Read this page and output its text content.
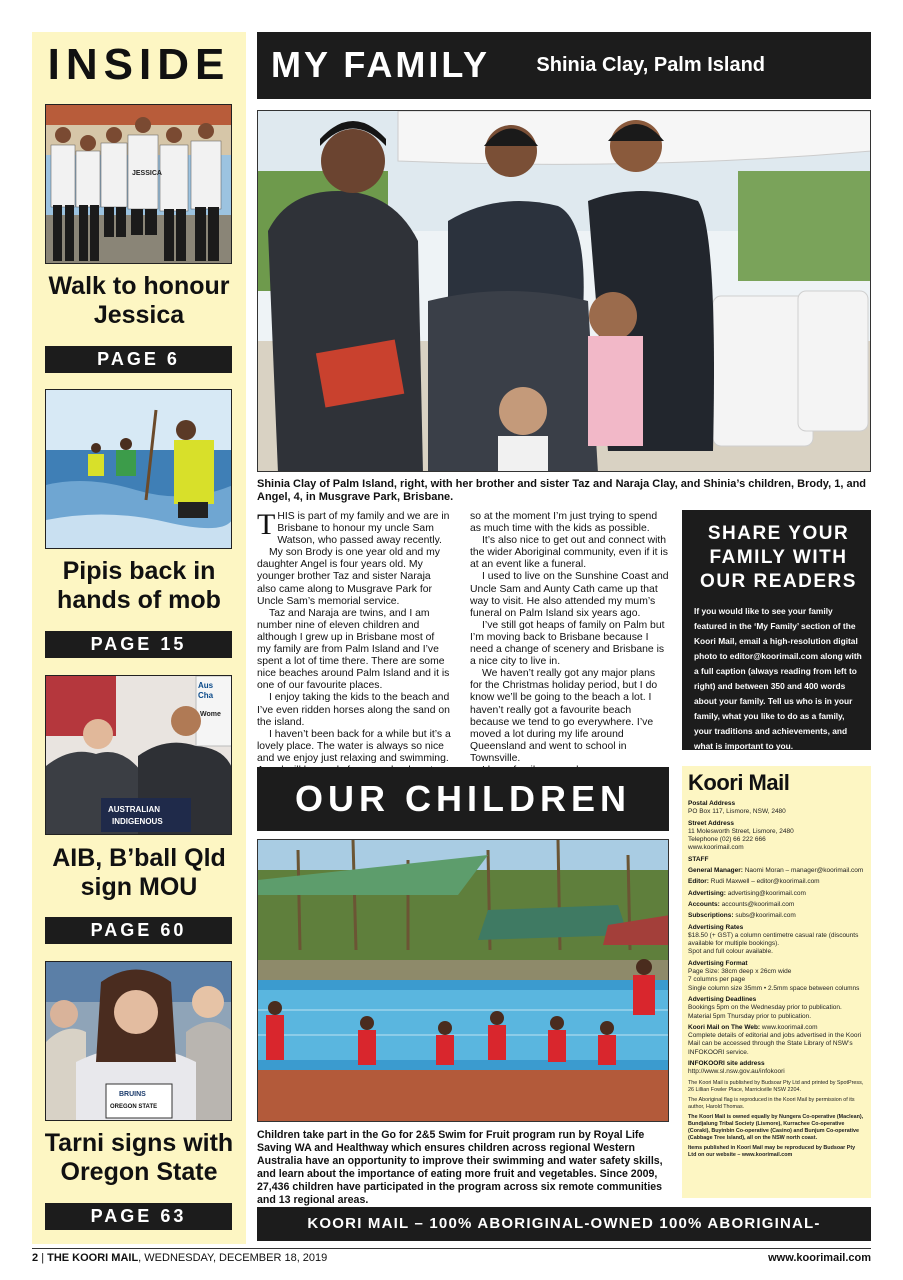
INSIDE
JESSICA
Walk to honour Jessica
PAGE 6
Pipis back in hands of mob
PAGE 15
Aus
Cha
Wome
AUSTRALIAN
INDIGENOUS
AIB, B’ball Qld sign MOU
PAGE 60
BRUINS
OREGON STATE
Tarni signs with Oregon State
PAGE 63
MY FAMILY Shinia Clay, Palm Island
Shinia Clay of Palm Island, right, with her brother and sister Taz and Naraja Clay, and Shinia’s children, Brody, 1, and Angel, 4, in Musgrave Park, Brisbane.

THIS is part of my family and we are in Brisbane to honour my uncle Sam Watson, who passed away recently.

My son Brody is one year old and my daughter Angel is four years old. My younger brother Taz and sister Naraja also came along to Musgrave Park for Uncle Sam’s memorial service.

Taz and Naraja are twins, and I am number nine of eleven children and although I grew up in Brisbane most of my family are from Palm Island and I’ve spent a lot of time there. There are some nice beaches around Palm Island and it is one of our favourite places.

I enjoy taking the kids to the beach and I’ve even ridden horses along the sand on the island.

I haven’t been back for a while but it’s a lovely place. The water is always so nice and we enjoy just relaxing and swimming.

so at the moment I’m just trying to spend as much time with the kids as possible.

It’s also nice to get out and connect with the wider Aboriginal community, even if it is at an event like a funeral.

I used to live on the Sunshine Coast and Uncle Sam and Aunty Cath came up that way to visit. He also attended my mum’s funeral on Palm Island six years ago.

I’ve still got heaps of family on Palm but I’m moving back to Brisbane because I need a change of scenery and Brisbane is a nice city to live in.

We haven’t really got any major plans for the Christmas holiday period, but I do know we’ll be going to the beach a lot. I haven’t really got a favourite beach because we tend to go everywhere. I’ve moved a lot during my life around Queensland and went to school in Townsville.

SHARE YOUR FAMILY WITH OUR READERS
If you would like to see your family featured in the ‘My Family’ section of the Koori Mail, email a high-resolution digital photo to editor@koorimail.com along with a full caption (always reading from left to right) and between 350 and 400 words about your family. Tell us who is in your family, what you like to do as a family, your traditions and achievements, and what is important to you.
OUR CHILDREN
Children take part in the Go for 2&5 Swim for Fruit program run by Royal Life Saving WA and Healthway which ensures children across regional Western Australia have an opportunity to improve their swimming and water safety skills, and learn about the importance of eating more fruit and vegetables. Since 2009, 27,436 children have participated in the program across six remote communities and 13 regional areas.
Koori Mail
Postal Address
PO Box 117, Lismore, NSW, 2480
Street Address
11 Molesworth Street, Lismore, 2480
Telephone (02) 66 222 666
www.koorimail.com
STAFF
General Manager: Naomi Moran – manager@koorimail.com
Editor: Rudi Maxwell – editor@koorimail.com
Advertising: advertising@koorimail.com
Accounts: accounts@koorimail.com
Subscriptions: subs@koorimail.com
Advertising Rates
$18.50 (+ GST) a column centimetre casual rate (discounts available for multiple bookings).
Spot and full colour available.
Advertising Format
Page Size: 38cm deep x 26cm wide
7 columns per page
Single column size 35mm • 2.5mm space between columns
Advertising Deadlines
Bookings 5pm on the Wednesday prior to publication.
Material 5pm Thursday prior to publication.
Koori Mail on The Web: www.koorimail.com
Complete details of editorial and jobs advertised in the Koori Mail can be accessed through the State Library of NSW’s INFOKOORI service.
INFOKOORI site address
http://www.sl.nsw.gov.au/infokoori
The Koori Mail is published by Budsoar Pty Ltd and printed by SpotPress, 26 Lillian Fowler Place, Marrickville NSW 2204.
The Aboriginal flag is reproduced in the Koori Mail by permission of its author, Harold Thomas.
The Koori Mail is owned equally by Nungera Co-operative (Maclean), Bundjalung Tribal Society (Lismore), Kurrachee Co-operative (Coraki), Buyinbin Co-operative (Casino) and Bunjum Co-operative (Cabbage Tree Island), all on the NSW north coast.
Items published in Koori Mail may be reproduced by Budsoar Pty Ltd on our website – www.koorimail.com
KOORI MAIL – 100% ABORIGINAL-OWNED 100% ABORIGINAL-CONTROLLED
2 | THE KOORI MAIL, WEDNESDAY, DECEMBER 18, 2019	www.koorimail.com
